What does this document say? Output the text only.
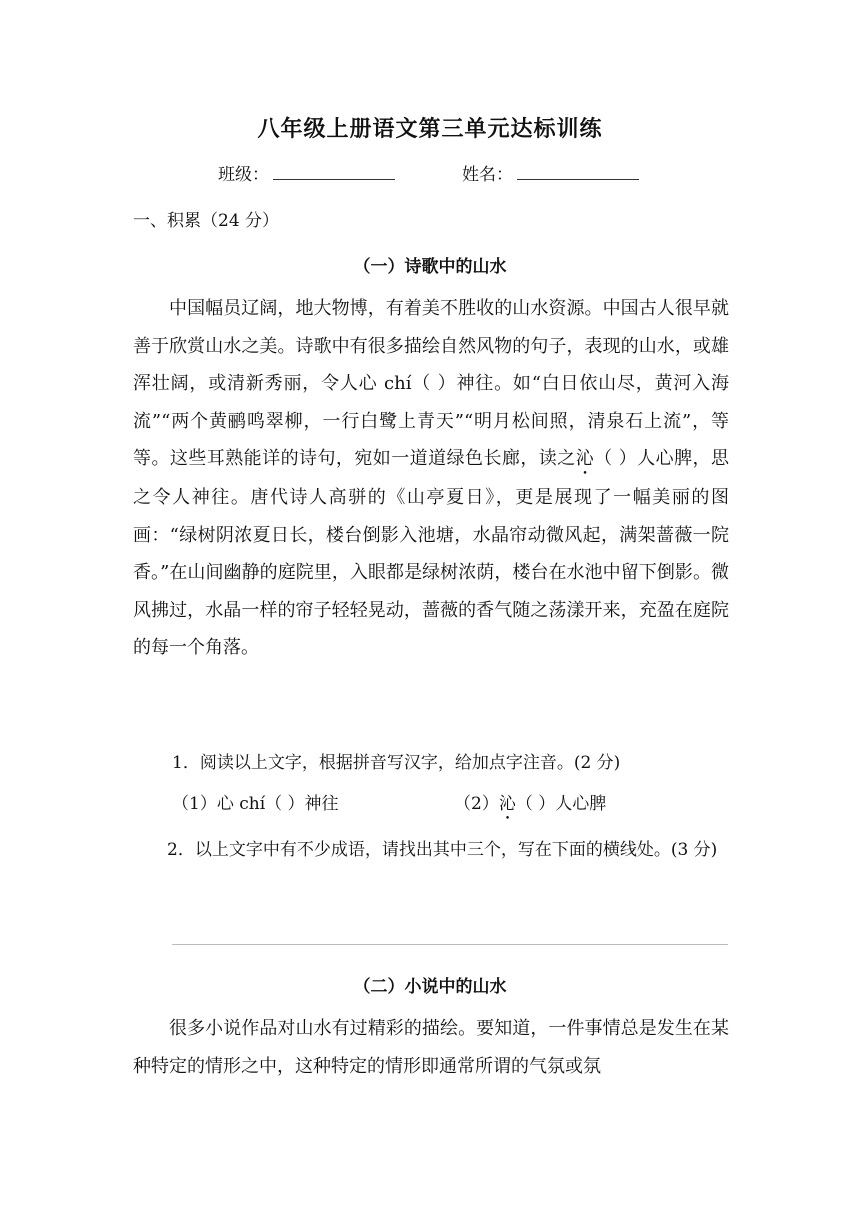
八年级上册语文第三单元达标训练
班级：	姓名：
一、积累（24 分）
（一）诗歌中的山水

中国幅员辽阔，地大物博，有着美不胜收的山水资源。中国古人很早就善于欣赏山水之美。诗歌中有很多描绘自然风物的句子，表现的山水，或雄浑壮阔，或清新秀丽，令人心 chí（ ）神往。如“白日依山尽，黄河入海流”“两个黄鹂鸣翠柳，一行白鹭上青天”“明月松间照，清泉石上流”，等等。这些耳熟能详的诗句，宛如一道道绿色长廊，读之沁（ ）人心脾，思之令人神往。唐代诗人高骈的《山亭夏日》，更是展现了一幅美丽的图画：“绿树阴浓夏日长，楼台倒影入池塘，水晶帘动微风起，满架蔷薇一院香。”在山间幽静的庭院里，入眼都是绿树浓荫，楼台在水池中留下倒影。微风拂过，水晶一样的帘子轻轻晃动，蔷薇的香气随之荡漾开来，充盈在庭院的每一个角落。

1．阅读以上文字，根据拼音写汉字，给加点字注音。(2 分)
（1）心 chí（ ）神往	（2）沁（ ）人心脾

2．以上文字中有不少成语，请找出其中三个，写在下面的横线处。(3 分)

（二）小说中的山水

很多小说作品对山水有过精彩的描绘。要知道，一件事情总是发生在某种特定的情形之中，这种特定的情形即通常所谓的气氛或氛
